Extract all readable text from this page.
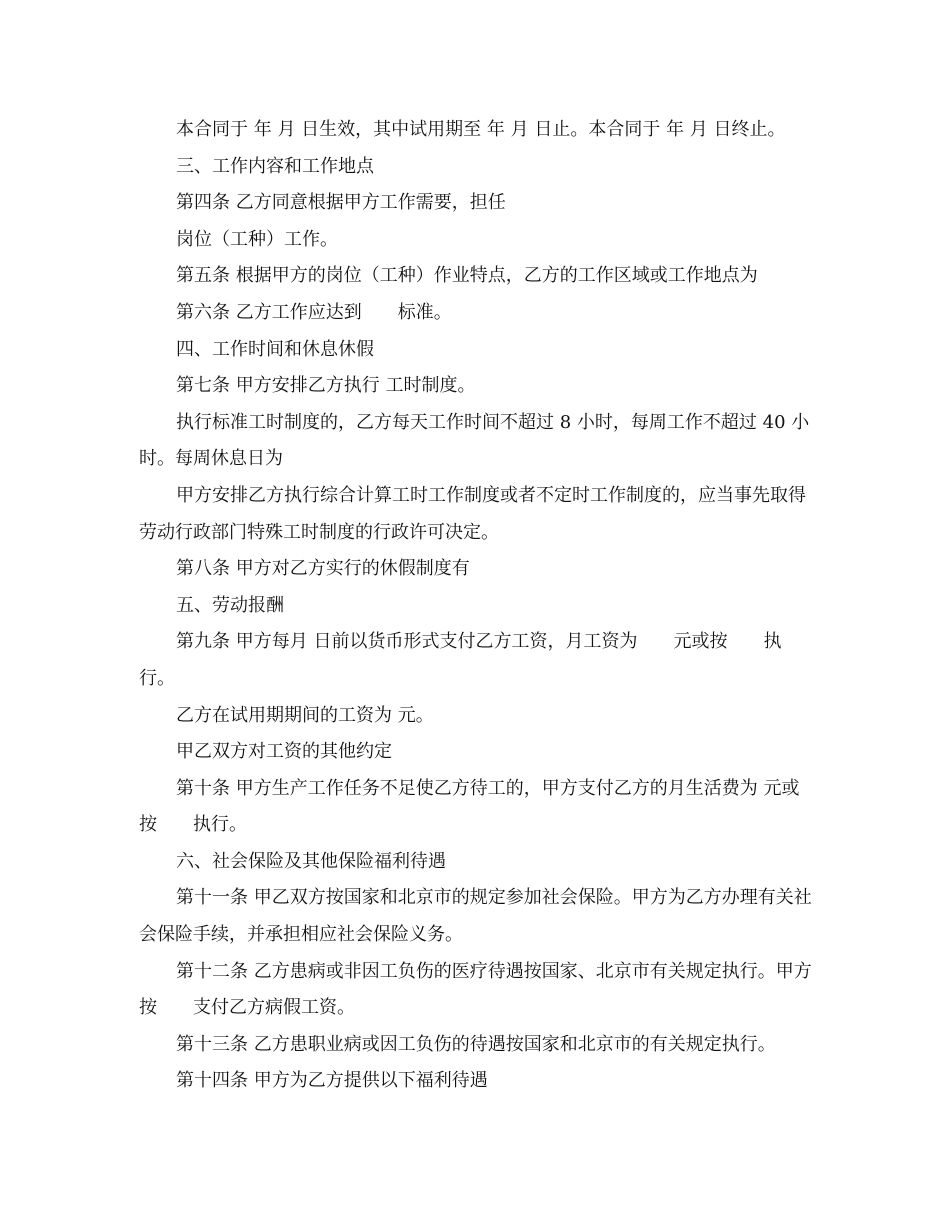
本合同于 年 月 日生效，其中试用期至 年 月 日止。本合同于 年 月 日终止。

三、工作内容和工作地点

第四条 乙方同意根据甲方工作需要，担任

岗位（工种）工作。

第五条 根据甲方的岗位（工种）作业特点，乙方的工作区域或工作地点为

第六条 乙方工作应达到　　标准。

四、工作时间和休息休假

第七条 甲方安排乙方执行 工时制度。

执行标准工时制度的，乙方每天工作时间不超过 8 小时，每周工作不超过 40 小时。每周休息日为

甲方安排乙方执行综合计算工时工作制度或者不定时工作制度的，应当事先取得劳动行政部门特殊工时制度的行政许可决定。

第八条 甲方对乙方实行的休假制度有

五、劳动报酬

第九条 甲方每月 日前以货币形式支付乙方工资，月工资为　　元或按　　执行。

乙方在试用期期间的工资为 元。

甲乙双方对工资的其他约定

第十条 甲方生产工作任务不足使乙方待工的，甲方支付乙方的月生活费为 元或按　　执行。

六、社会保险及其他保险福利待遇

第十一条 甲乙双方按国家和北京市的规定参加社会保险。甲方为乙方办理有关社会保险手续，并承担相应社会保险义务。

第十二条 乙方患病或非因工负伤的医疗待遇按国家、北京市有关规定执行。甲方按　　支付乙方病假工资。

第十三条 乙方患职业病或因工负伤的待遇按国家和北京市的有关规定执行。

第十四条 甲方为乙方提供以下福利待遇
